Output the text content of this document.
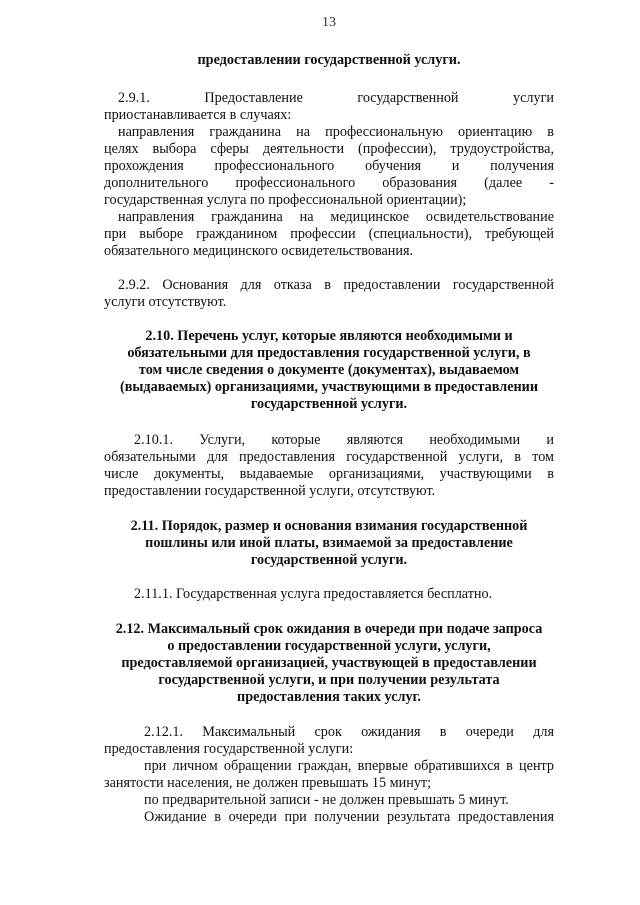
13
предоставлении государственной услуги.
2.9.1. Предоставление государственной услуги
приостанавливается в случаях:
направления гражданина на профессиональную ориентацию в
целях выбора сферы деятельности (профессии), трудоустройства,
прохождения профессионального обучения и получения
дополнительного профессионального образования (далее -
государственная услуга по профессиональной ориентации);
направления гражданина на медицинское освидетельствование
при выборе гражданином профессии (специальности), требующей
обязательного медицинского освидетельствования.
2.9.2. Основания для отказа в предоставлении государственной
услуги отсутствуют.
2.10. Перечень услуг, которые являются необходимыми и
обязательными для предоставления государственной услуги, в
том числе сведения о документе (документах), выдаваемом
(выдаваемых) организациями, участвующими в предоставлении
государственной услуги.
2.10.1. Услуги, которые являются необходимыми и
обязательными для предоставления государственной услуги, в том
числе документы, выдаваемые организациями, участвующими в
предоставлении государственной услуги, отсутствуют.
2.11. Порядок, размер и основания взимания государственной
пошлины или иной платы, взимаемой за предоставление
государственной услуги.
2.11.1. Государственная услуга предоставляется бесплатно.
2.12. Максимальный срок ожидания в очереди при подаче запроса
о предоставлении государственной услуги, услуги,
предоставляемой организацией, участвующей в предоставлении
государственной услуги, и при получении результата
предоставления таких услуг.
2.12.1. Максимальный срок ожидания в очереди для
предоставления государственной услуги:
при личном обращении граждан, впервые обратившихся в центр
занятости населения, не должен превышать 15 минут;
по предварительной записи - не должен превышать 5 минут.
Ожидание в очереди при получении результата предоставления
